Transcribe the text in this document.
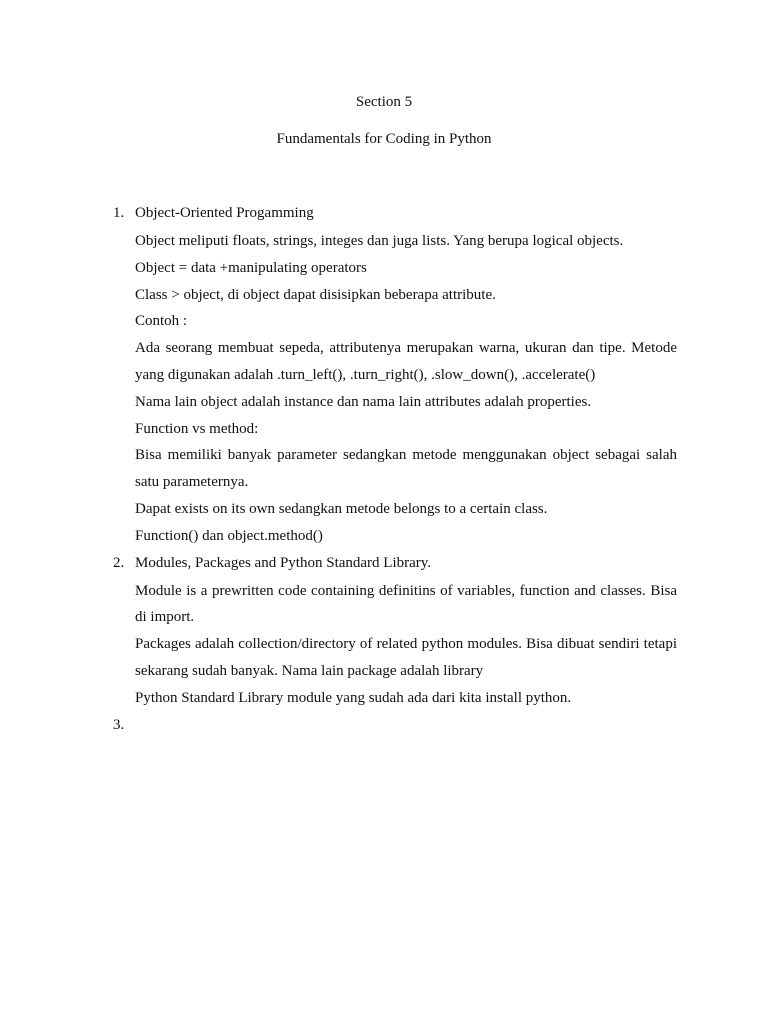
Section 5
Fundamentals for Coding in Python
1. Object-Oriented Progamming

Object meliputi floats, strings, integes dan juga lists. Yang berupa logical objects.

Object = data +manipulating operators

Class > object, di object dapat disisipkan beberapa attribute.

Contoh :

Ada seorang membuat sepeda, attributenya merupakan warna, ukuran dan tipe. Metode yang digunakan adalah .turn_left(), .turn_right(), .slow_down(), .accelerate()

Nama lain object adalah instance dan nama lain attributes adalah properties.

Function vs method:

Bisa memiliki banyak parameter sedangkan metode menggunakan object sebagai salah satu parameternya.

Dapat exists on its own sedangkan metode belongs to a certain class.

Function() dan object.method()

2. Modules, Packages and Python Standard Library.

Module is a prewritten code containing definitins of variables, function and classes. Bisa di import.

Packages adalah collection/directory of related python modules. Bisa dibuat sendiri tetapi sekarang sudah banyak. Nama lain package adalah library

Python Standard Library module yang sudah ada dari kita install python.

3.
